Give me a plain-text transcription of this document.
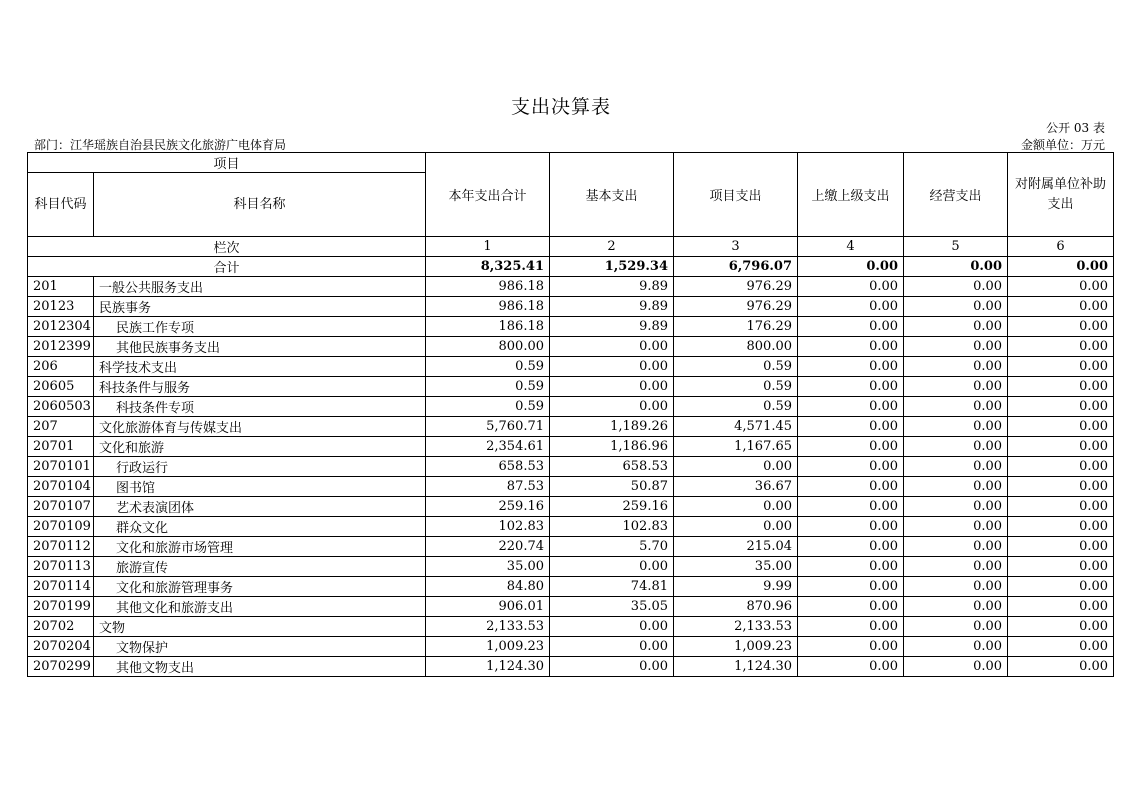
支出决算表
公开 03 表
部门：江华瑶族自治县民族文化旅游广电体育局	金额单位：万元
项目		本年支出合计	基本支出	项目支出	上缴上级支出	经营支出	对附属单位补助支出
科目代码	科目名称						
栏次		1	2	3	4	5	6
合计		8,325.41	1,529.34	6,796.07	0.00	0.00	0.00
201	一般公共服务支出	986.18	9.89	976.29	0.00	0.00	0.00
20123	民族事务	986.18	9.89	976.29	0.00	0.00	0.00
2012304	民族工作专项	186.18	9.89	176.29	0.00	0.00	0.00
2012399	其他民族事务支出	800.00	0.00	800.00	0.00	0.00	0.00
206	科学技术支出	0.59	0.00	0.59	0.00	0.00	0.00
20605	科技条件与服务	0.59	0.00	0.59	0.00	0.00	0.00
2060503	科技条件专项	0.59	0.00	0.59	0.00	0.00	0.00
207	文化旅游体育与传媒支出	5,760.71	1,189.26	4,571.45	0.00	0.00	0.00
20701	文化和旅游	2,354.61	1,186.96	1,167.65	0.00	0.00	0.00
2070101	行政运行	658.53	658.53	0.00	0.00	0.00	0.00
2070104	图书馆	87.53	50.87	36.67	0.00	0.00	0.00
2070107	艺术表演团体	259.16	259.16	0.00	0.00	0.00	0.00
2070109	群众文化	102.83	102.83	0.00	0.00	0.00	0.00
2070112	文化和旅游市场管理	220.74	5.70	215.04	0.00	0.00	0.00
2070113	旅游宣传	35.00	0.00	35.00	0.00	0.00	0.00
2070114	文化和旅游管理事务	84.80	74.81	9.99	0.00	0.00	0.00
2070199	其他文化和旅游支出	906.01	35.05	870.96	0.00	0.00	0.00
20702	文物	2,133.53	0.00	2,133.53	0.00	0.00	0.00
2070204	文物保护	1,009.23	0.00	1,009.23	0.00	0.00	0.00
2070299	其他文物支出	1,124.30	0.00	1,124.30	0.00	0.00	0.00
